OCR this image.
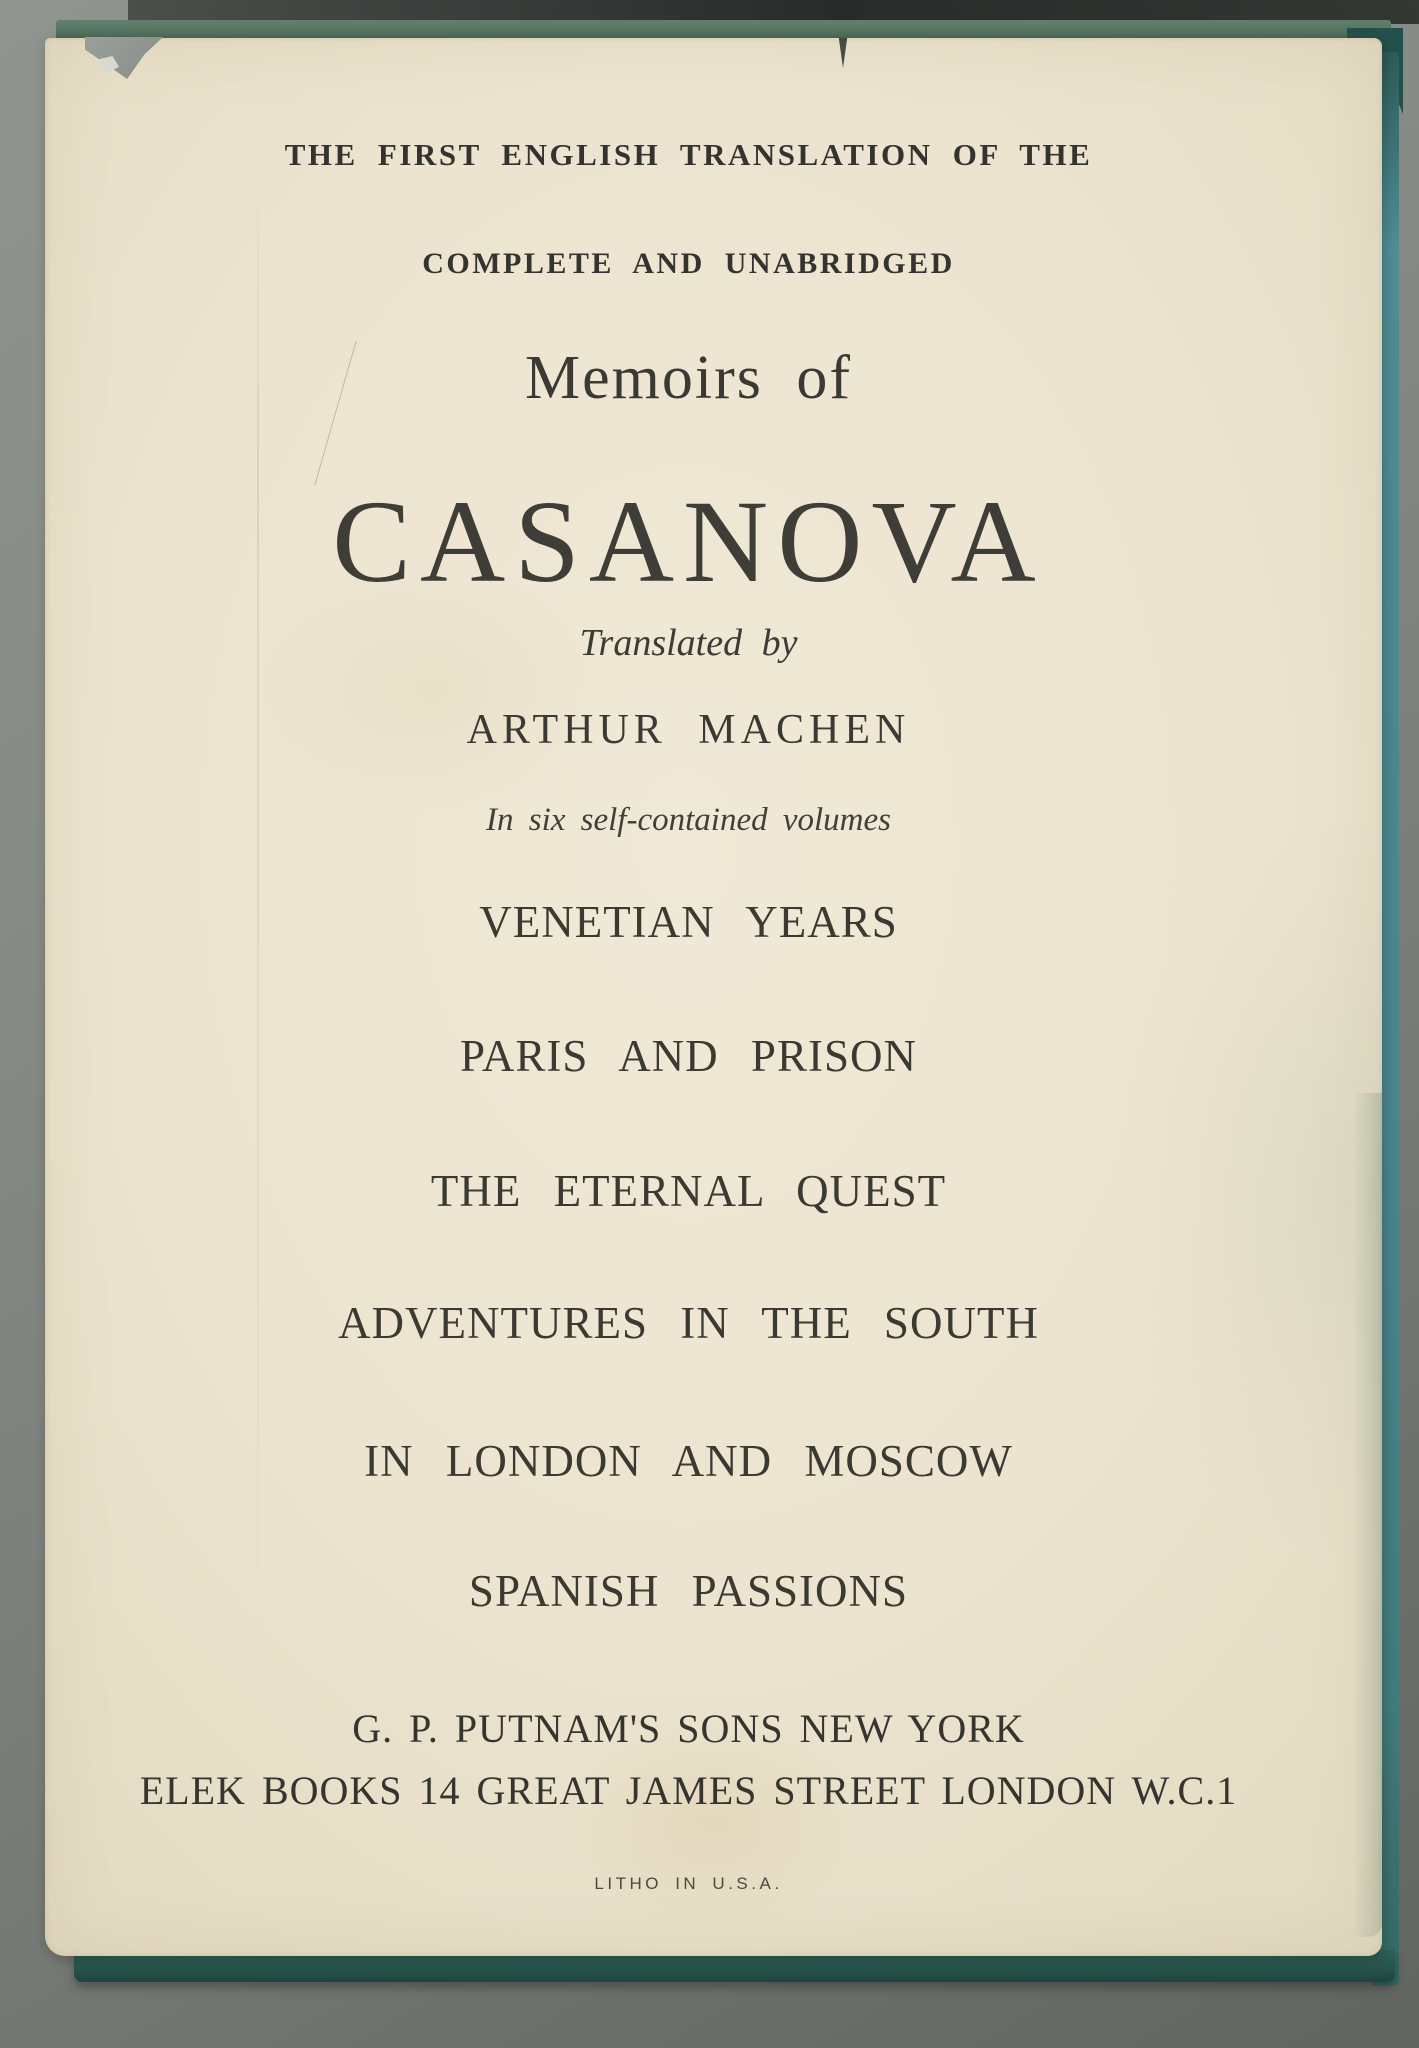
THE FIRST ENGLISH TRANSLATION OF THE
COMPLETE AND UNABRIDGED
Memoirs of
CASANOVA
Translated by
ARTHUR MACHEN
In six self-contained volumes
VENETIAN YEARS
PARIS AND PRISON
THE ETERNAL QUEST
ADVENTURES IN THE SOUTH
IN LONDON AND MOSCOW
SPANISH PASSIONS
G. P. PUTNAM'S SONS NEW YORK
ELEK BOOKS 14 GREAT JAMES STREET LONDON W.C.1
LITHO IN U.S.A.
